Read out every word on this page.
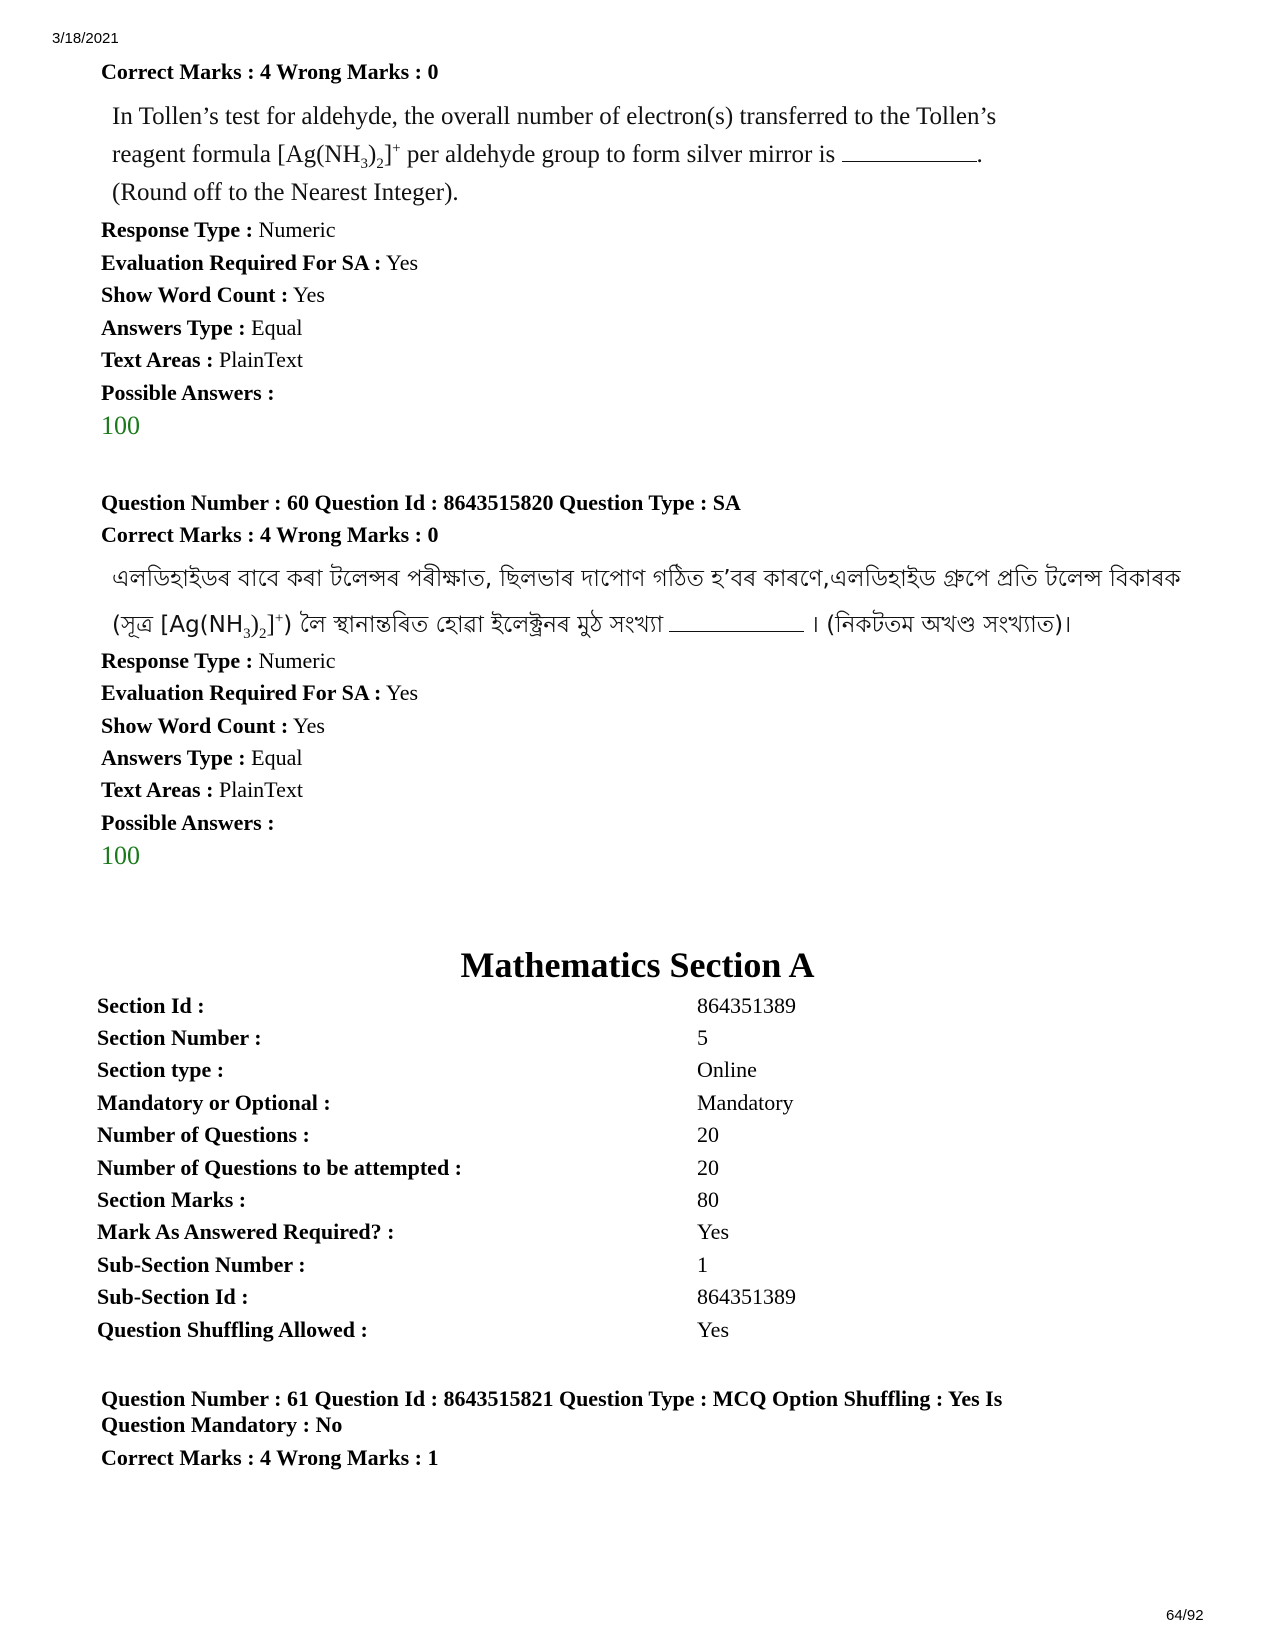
3/18/2021
64/92
Correct Marks : 4 Wrong Marks : 0
In Tollen’s test for aldehyde, the overall number of electron(s) transferred to the Tollen’s
reagent formula $[Ag(NH_3)_2]^+$ per aldehyde group to form silver mirror is	.
(Round off to the Nearest Integer).
Response Type : Numeric
Evaluation Required For SA : Yes
Show Word Count : Yes
Answers Type : Equal
Text Areas : PlainText
Possible Answers :
100
Question Number : 60 Question Id : 8643515820 Question Type : SA
Correct Marks : 4 Wrong Marks : 0
এলডিহাইডৰ বাবে কৰা টলেন্সৰ পৰীক্ষাত, ছিলভাৰ দাপোণ গঠিত হ’বৰ কাৰণে,এলডিহাইড গ্ৰুপে প্ৰতি টলেন্স বিকাৰক
(সূত্ৰ $[Ag(NH_3)_2]^+$) লৈ স্থানান্তৰিত হোৱা ইলেক্ট্ৰনৰ মুঠ সংখ্যা	। (নিকটতম অখণ্ড সংখ্যাত)।
Response Type : Numeric
Evaluation Required For SA : Yes
Show Word Count : Yes
Answers Type : Equal
Text Areas : PlainText
Possible Answers :
100
Mathematics Section A
Section Id :	864351389
Section Number :	5
Section type :	Online
Mandatory or Optional :	Mandatory
Number of Questions :	20
Number of Questions to be attempted :	20
Section Marks :	80
Mark As Answered Required? :	Yes
Sub-Section Number :	1
Sub-Section Id :	864351389
Question Shuffling Allowed :	Yes
Question Number : 61 Question Id : 8643515821 Question Type : MCQ Option Shuffling : Yes Is
Question Mandatory : No
Correct Marks : 4 Wrong Marks : 1
